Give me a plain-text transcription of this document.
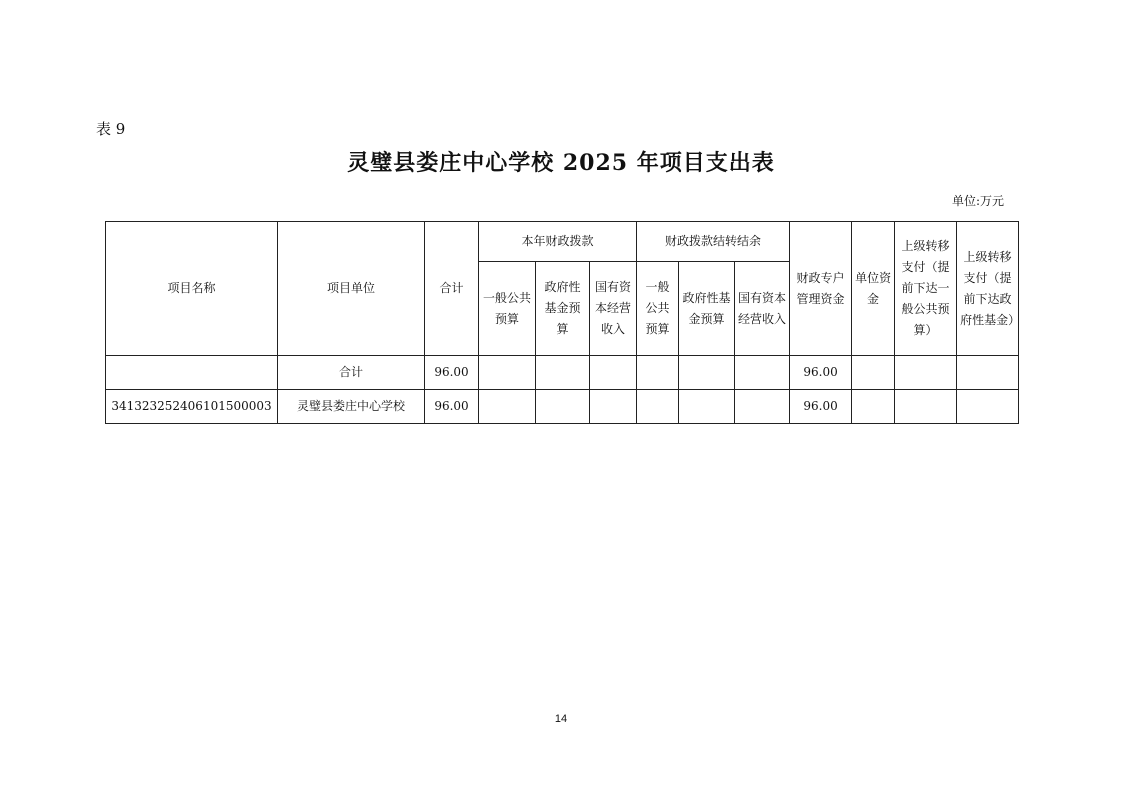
表 9
灵璧县娄庄中心学校 2025 年项目支出表
单位:万元
项目名称	项目单位	合计	本年财政拨款			财政拨款结转结余			财政专户管理资金	单位资金	上级转移支付（提前下达一般公共预算）	上级转移支付（提前下达政府性基金）
			一般公共预算	政府性基金预算	国有资本经营收入	一般公共预算	政府性基金预算	国有资本经营收入				
	合计	96.00							96.00			
341323252406101500003	灵璧县娄庄中心学校	96.00							96.00			
14
